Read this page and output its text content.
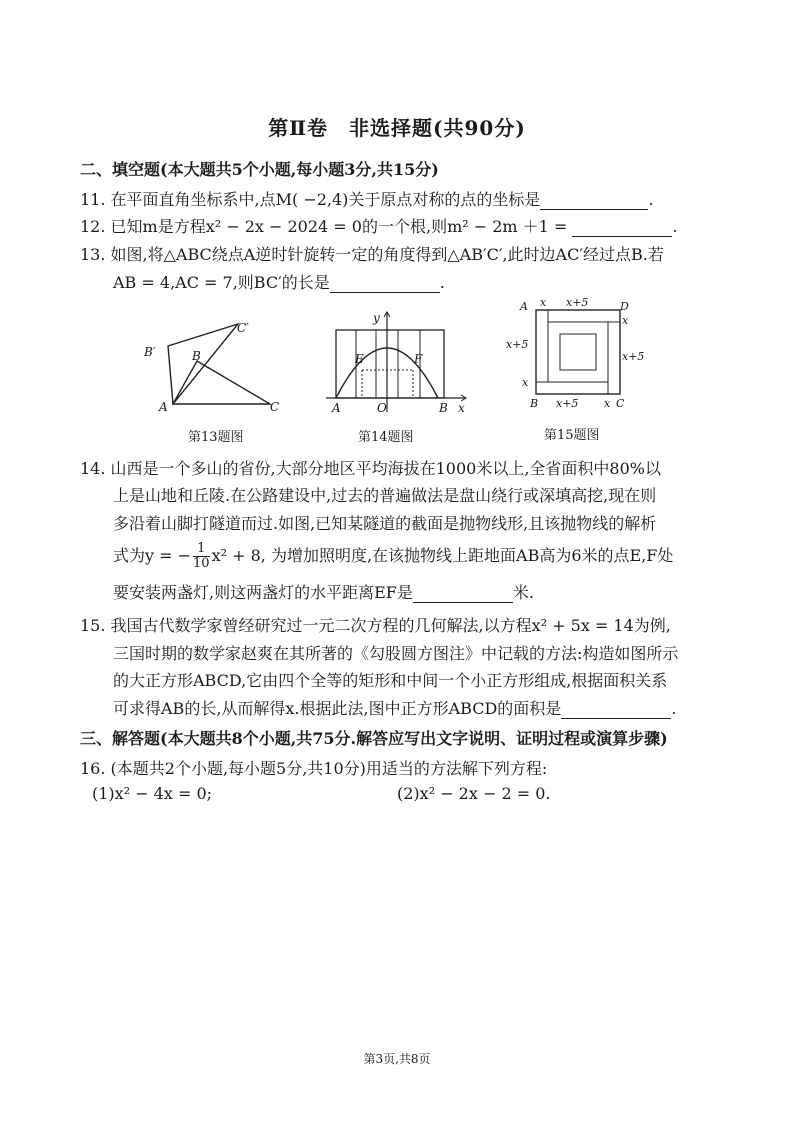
第Ⅱ卷　非选择题(共90分)
二、填空题(本大题共5个小题,每小题3分,共15分)
11. 在平面直角坐标系中,点M( −2,4)关于原点对称的点的坐标是	.
12. 已知m是方程x² − 2x − 2024 = 0的一个根,则m² − 2m ＋1 =	.
13. 如图,将△ABC绕点A逆时针旋转一定的角度得到△AB′C′,此时边AC′经过点B.若
AB = 4,AC = 7,则BC′的长是	.
B′	B
C′
A	C
第13题图
y
E	F
A	O	B x
第14题图
A x x+5	D
x
x+5
x+5
x
B x+5 x C
第15题图
14. 山西是一个多山的省份,大部分地区平均海拔在1000米以上,全省面积中80%以
上是山地和丘陵.在公路建设中,过去的普遍做法是盘山绕行或深填高挖,现在则
多沿着山脚打隧道而过.如图,已知某隧道的截面是抛物线形,且该抛物线的解析
式为y = − $\frac{1}{10} x^2 + 8$, 为增加照明度,在该抛物线上距地面AB高为6米的点E,F处
要安装两盏灯,则这两盏灯的水平距离EF是	米.
15. 我国古代数学家曾经研究过一元二次方程的几何解法,以方程x² + 5x = 14为例,
三国时期的数学家赵爽在其所著的《勾股圆方图注》中记载的方法:构造如图所示
的大正方形ABCD,它由四个全等的矩形和中间一个小正方形组成,根据面积关系
可求得AB的长,从而解得x.根据此法,图中正方形ABCD的面积是	.
三、解答题(本大题共8个小题,共75分.解答应写出文字说明、证明过程或演算步骤)
16. (本题共2个小题,每小题5分,共10分)用适当的方法解下列方程:
(1)x² − 4x = 0;	(2)x² − 2x − 2 = 0.
第3页,共8页
